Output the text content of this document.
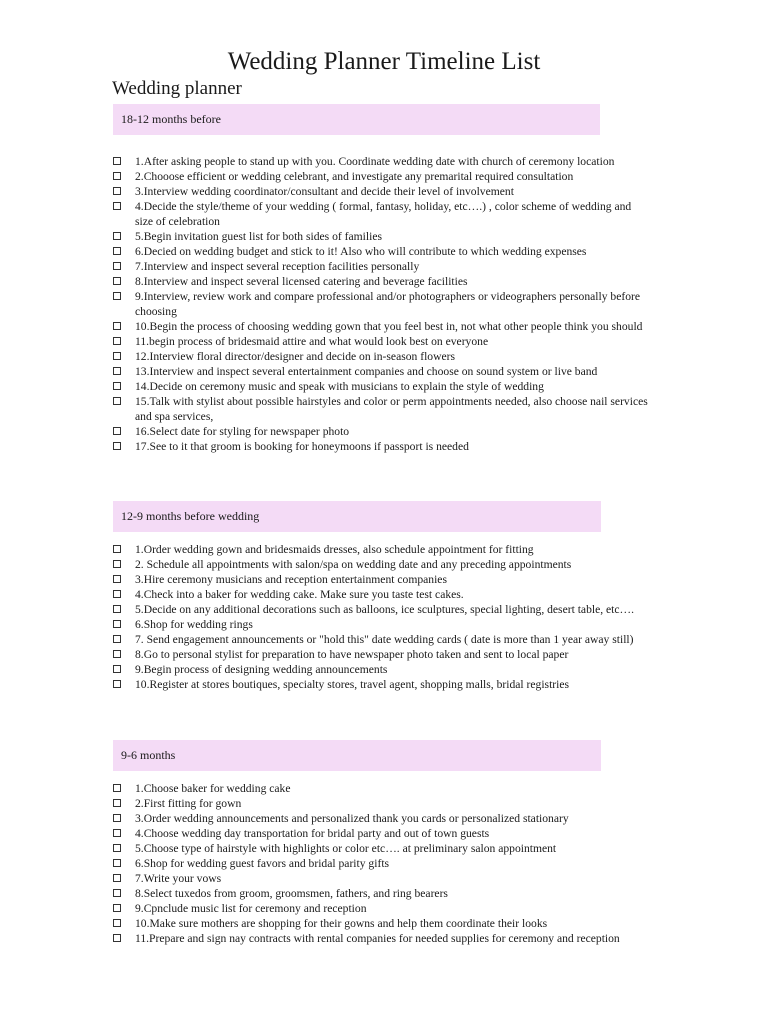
Wedding Planner Timeline List
Wedding planner
18-12 months before
1.After asking people to stand up with you. Coordinate wedding date with church of ceremony location
2.Chooose efficient or wedding celebrant, and investigate any premarital required consultation
3.Interview wedding coordinator/consultant and decide their level of involvement
4.Decide the style/theme of your wedding ( formal, fantasy, holiday, etc….) , color scheme of wedding and size of celebration
5.Begin invitation guest list for both sides of families
6.Decied on wedding budget and stick to it! Also who will contribute to which wedding expenses
7.Interview and inspect several reception facilities personally
8.Interview and inspect several licensed catering and beverage facilities
9.Interview, review work and compare professional and/or photographers or videographers personally before choosing
10.Begin the process of choosing wedding gown that you feel best in, not what other people think you should
11.begin process of bridesmaid attire and what would look best on everyone
12.Interview floral director/designer and decide on in-season flowers
13.Interview and inspect several entertainment companies and choose on sound system or live band
14.Decide on ceremony music and speak with musicians to explain the style of wedding
15.Talk with stylist about possible hairstyles and color or perm appointments needed, also choose nail services and spa services,
16.Select date for styling for newspaper photo
17.See to it that groom is booking for honeymoons if passport is needed
12-9 months before wedding
1.Order wedding gown and bridesmaids dresses, also schedule appointment for fitting
2. Schedule all appointments with salon/spa on wedding date and any preceding appointments
3.Hire ceremony musicians and reception entertainment companies
4.Check into a baker for wedding cake. Make sure you taste test cakes.
5.Decide on any additional decorations such as balloons, ice sculptures, special lighting, desert table, etc….
6.Shop for wedding rings
7. Send engagement announcements or "hold this" date wedding cards ( date is more than 1 year away still)
8.Go to personal stylist for preparation to have newspaper photo taken and sent to local paper
9.Begin process of designing wedding announcements
10.Register at stores boutiques, specialty stores, travel agent, shopping malls, bridal registries
9-6 months
1.Choose baker for wedding cake
2.First fitting for gown
3.Order wedding announcements and personalized thank you cards or personalized stationary
4.Choose wedding day transportation for bridal party and out of town guests
5.Choose type of hairstyle with highlights or color etc…. at preliminary salon appointment
6.Shop for wedding guest favors and bridal parity gifts
7.Write your vows
8.Select tuxedos from groom, groomsmen, fathers, and ring bearers
9.Cpnclude music list for ceremony and reception
10.Make sure mothers are shopping for their gowns and help them coordinate their looks
11.Prepare and sign nay contracts with rental companies for needed supplies for ceremony and reception
